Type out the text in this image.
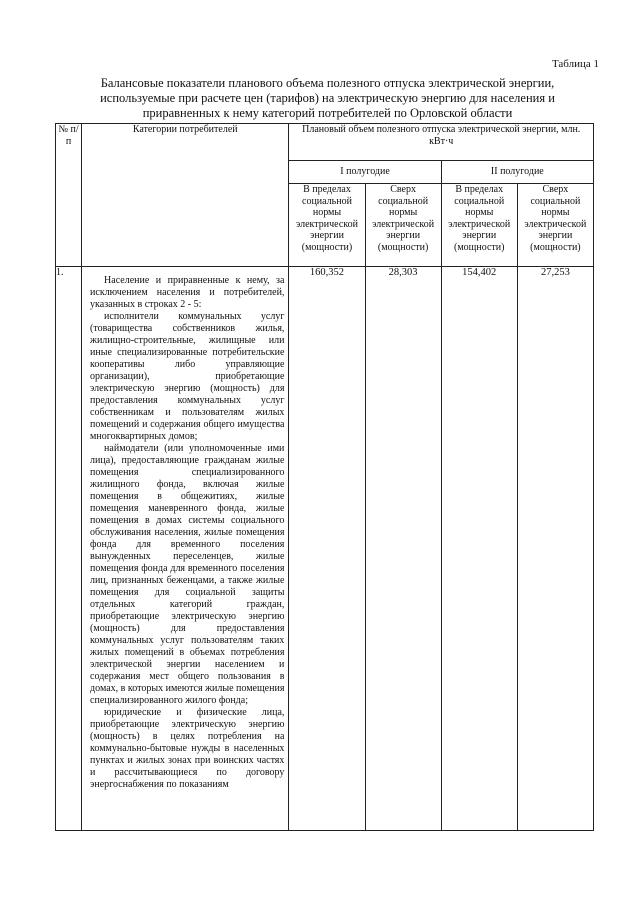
Таблица 1
Балансовые показатели планового объема полезного отпуска электрической энергии, используемые при расчете цен (тарифов) на электрическую энергию для населения и приравненных к нему категорий потребителей по Орловской области
№ п/п	Категории потребителей	Плановый объем полезного отпуска электрической энергии, млн. кВт·ч			
		I полугодие		II полугодие	
		В пределах социальной нормы электрической энергии (мощности)	Сверх социальной нормы электрической энергии (мощности)	В пределах социальной нормы электрической энергии (мощности)	Сверх социальной нормы электрической энергии (мощности)
1.	Население и приравненные к нему, за исключением населения и потребителей, указанных в строках 2 - 5:

исполнители коммунальных услуг (товарищества собственников жилья, жилищно-строительные, жилищные или иные специализированные потребительские кооперативы либо управляющие организации), приобретающие электрическую энергию (мощность) для предоставления коммунальных услуг собственникам и пользователям жилых помещений и содержания общего имущества многоквартирных домов;

наймодатели (или уполномоченные ими лица), предоставляющие гражданам жилые помещения специализированного жилищного фонда, включая жилые помещения в общежитиях, жилые помещения маневренного фонда, жилые помещения в домах системы социального обслуживания населения, жилые помещения фонда для временного поселения вынужденных переселенцев, жилые помещения фонда для временного поселения лиц, признанных беженцами, а также жилые помещения для социальной защиты отдельных категорий граждан, приобретающие электрическую энергию (мощность) для предоставления коммунальных услуг пользователям таких жилых помещений в объемах потребления электрической энергии населением и содержания мест общего пользования в домах, в которых имеются жилые помещения специализированного жилого фонда;

юридические и физические лица, приобретающие электрическую энергию (мощность) в целях потребления на коммунально-бытовые нужды в населенных пунктах и жилых зонах при воинских частях и рассчитывающиеся по договору энергоснабжения по показаниям	160,352	28,303	154,402	27,253
